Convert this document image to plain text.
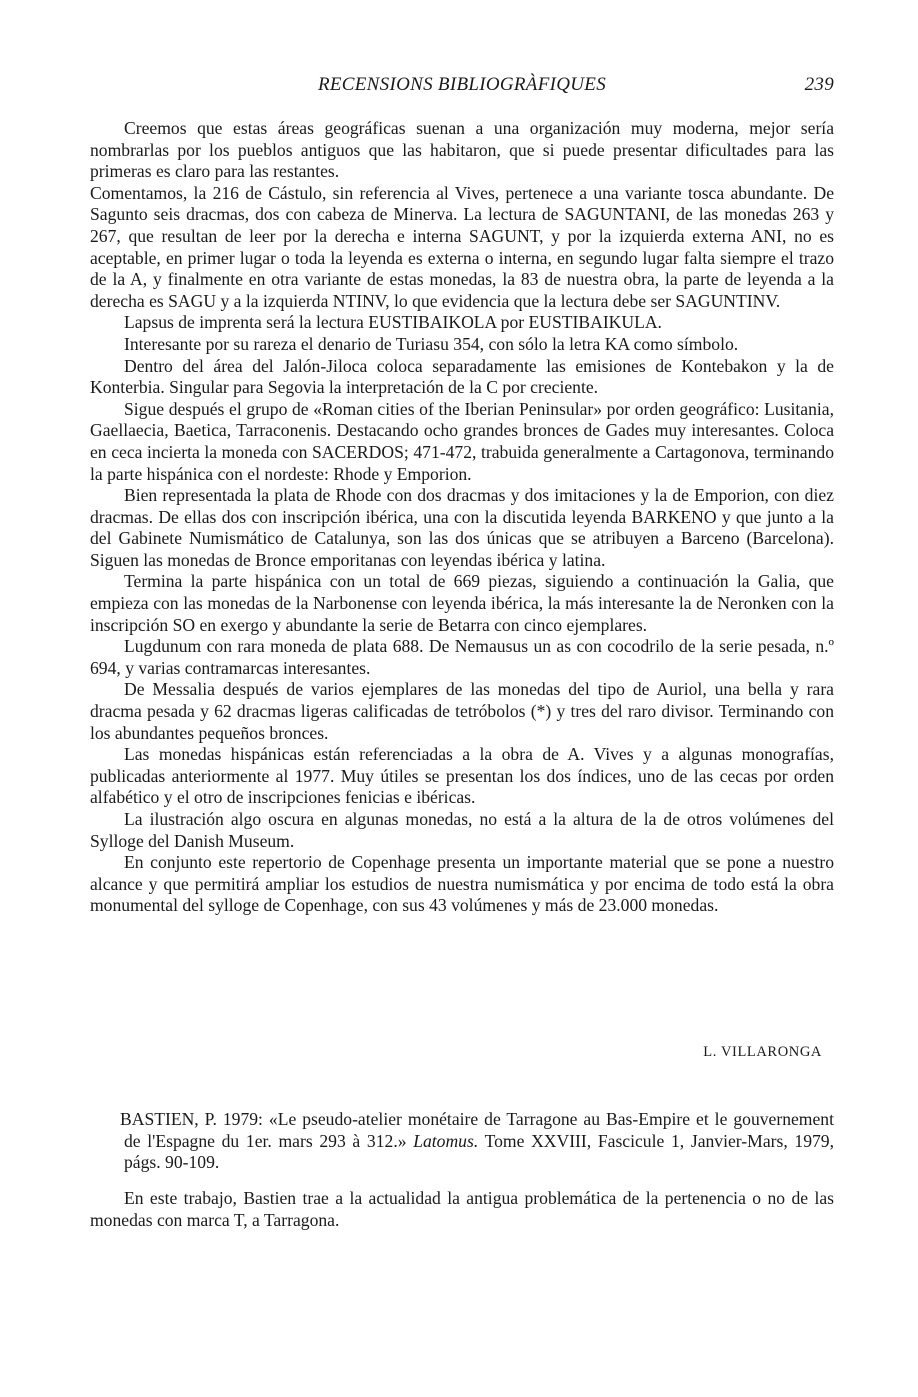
RECENSIONS BIBLIOGRÀFIQUES	239

Creemos que estas áreas geográficas suenan a una organización muy moderna, mejor sería nombrarlas por los pueblos antiguos que las habitaron, que si puede presentar dificultades para las primeras es claro para las restantes.

Comentamos, la 216 de Cástulo, sin referencia al Vives, pertenece a una variante tosca abundante. De Sagunto seis dracmas, dos con cabeza de Minerva. La lectura de SAGUNTANI, de las monedas 263 y 267, que resultan de leer por la derecha e interna SAGUNT, y por la izquierda externa ANI, no es aceptable, en primer lugar o toda la leyenda es externa o interna, en segundo lugar falta siempre el trazo de la A, y finalmente en otra variante de estas monedas, la 83 de nuestra obra, la parte de leyenda a la derecha es SAGU y a la izquierda NTINV, lo que evidencia que la lectura debe ser SAGUNTINV.

Lapsus de imprenta será la lectura EUSTIBAIKOLA por EUSTIBAIKULA.

Interesante por su rareza el denario de Turiasu 354, con sólo la letra KA como símbolo.

Dentro del área del Jalón-Jiloca coloca separadamente las emisiones de Kontebakon y la de Konterbia. Singular para Segovia la interpretación de la C por creciente.

Sigue después el grupo de «Roman cities of the Iberian Peninsular» por orden geográfico: Lusitania, Gaellaecia, Baetica, Tarraconenis. Destacando ocho grandes bronces de Gades muy interesantes. Coloca en ceca incierta la moneda con SACERDOS; 471-472, trabuida generalmente a Cartagonova, terminando la parte hispánica con el nordeste: Rhode y Emporion.

Bien representada la plata de Rhode con dos dracmas y dos imitaciones y la de Emporion, con diez dracmas. De ellas dos con inscripción ibérica, una con la discutida leyenda BARKENO y que junto a la del Gabinete Numismático de Catalunya, son las dos únicas que se atribuyen a Barceno (Barcelona). Siguen las monedas de Bronce emporitanas con leyendas ibérica y latina.

Termina la parte hispánica con un total de 669 piezas, siguiendo a continuación la Galia, que empieza con las monedas de la Narbonense con leyenda ibérica, la más interesante la de Neronken con la inscripción SO en exergo y abundante la serie de Betarra con cinco ejemplares.

Lugdunum con rara moneda de plata 688. De Nemausus un as con cocodrilo de la serie pesada, n.º 694, y varias contramarcas interesantes.

De Messalia después de varios ejemplares de las monedas del tipo de Auriol, una bella y rara dracma pesada y 62 dracmas ligeras calificadas de tetróbolos (*) y tres del raro divisor. Terminando con los abundantes pequeños bronces.

Las monedas hispánicas están referenciadas a la obra de A. Vives y a algunas monografías, publicadas anteriormente al 1977. Muy útiles se presentan los dos índices, uno de las cecas por orden alfabético y el otro de inscripciones fenicias e ibéricas.

La ilustración algo oscura en algunas monedas, no está a la altura de la de otros volúmenes del Sylloge del Danish Museum.

En conjunto este repertorio de Copenhage presenta un importante material que se pone a nuestro alcance y que permitirá ampliar los estudios de nuestra numismática y por encima de todo está la obra monumental del sylloge de Copenhage, con sus 43 volúmenes y más de 23.000 monedas.

L. VILLARONGA

BASTIEN, P. 1979: «Le pseudo-atelier monétaire de Tarragone au Bas-Empire et le gouvernement de l'Espagne du 1er. mars 293 à 312.» Latomus. Tome XXVIII, Fascicule 1, Janvier-Mars, 1979, págs. 90-109.

En este trabajo, Bastien trae a la actualidad la antigua problemática de la pertenencia o no de las monedas con marca T, a Tarragona.
